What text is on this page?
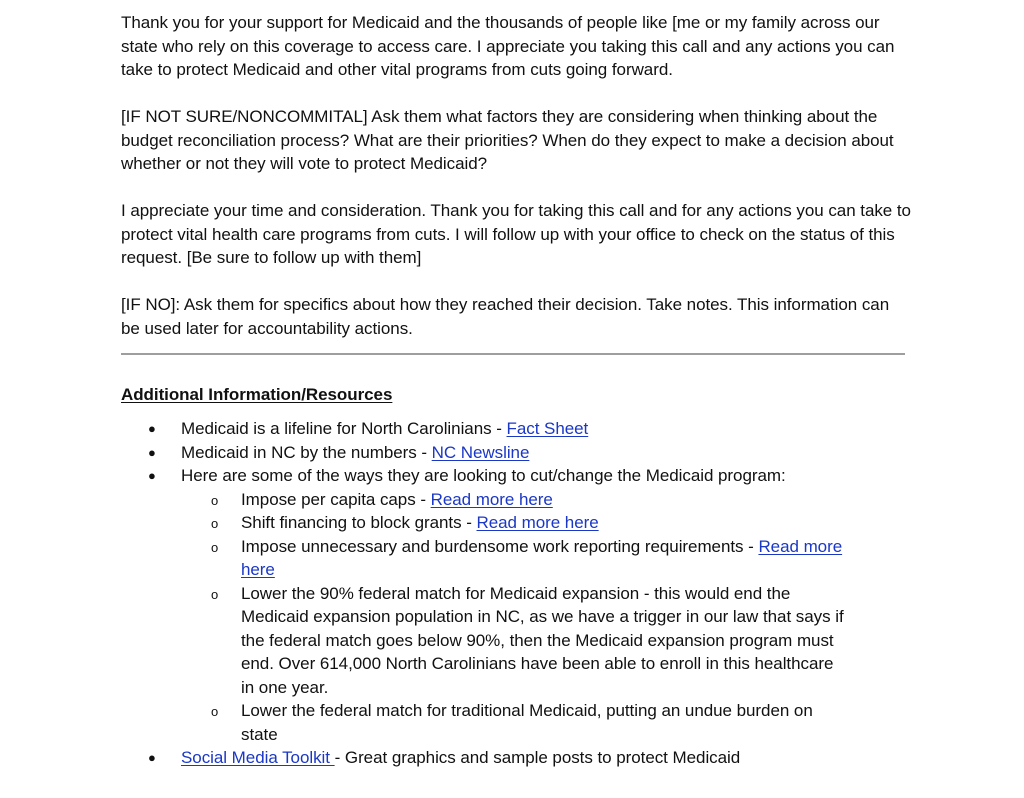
Thank you for your support for Medicaid and the thousands of people like [me or my family across our state who rely on this coverage to access care. I appreciate you taking this call and any actions you can take to protect Medicaid and other vital programs from cuts going forward.

[IF NOT SURE/NONCOMMITAL] Ask them what factors they are considering when thinking about the budget reconciliation process? What are their priorities? When do they expect to make a decision about whether or not they will vote to protect Medicaid?

I appreciate your time and consideration. Thank you for taking this call and for any actions you can take to protect vital health care programs from cuts. I will follow up with your office to check on the status of this request. [Be sure to follow up with them]

[IF NO]: Ask them for specifics about how they reached their decision. Take notes. This information can be used later for accountability actions.

Additional Information/Resources
● Medicaid is a lifeline for North Carolinians - Fact Sheet
● Medicaid in NC by the numbers - NC Newsline
● Here are some of the ways they are looking to cut/change the Medicaid program:
o Impose per capita caps - Read more here
o Shift financing to block grants - Read more here
o Impose unnecessary and burdensome work reporting requirements - Read more here
o Lower the 90% federal match for Medicaid expansion - this would end the Medicaid expansion population in NC, as we have a trigger in our law that says if the federal match goes below 90%, then the Medicaid expansion program must end. Over 614,000 North Carolinians have been able to enroll in this healthcare in one year.
o Lower the federal match for traditional Medicaid, putting an undue burden on state
● Social Media Toolkit - Great graphics and sample posts to protect Medicaid
